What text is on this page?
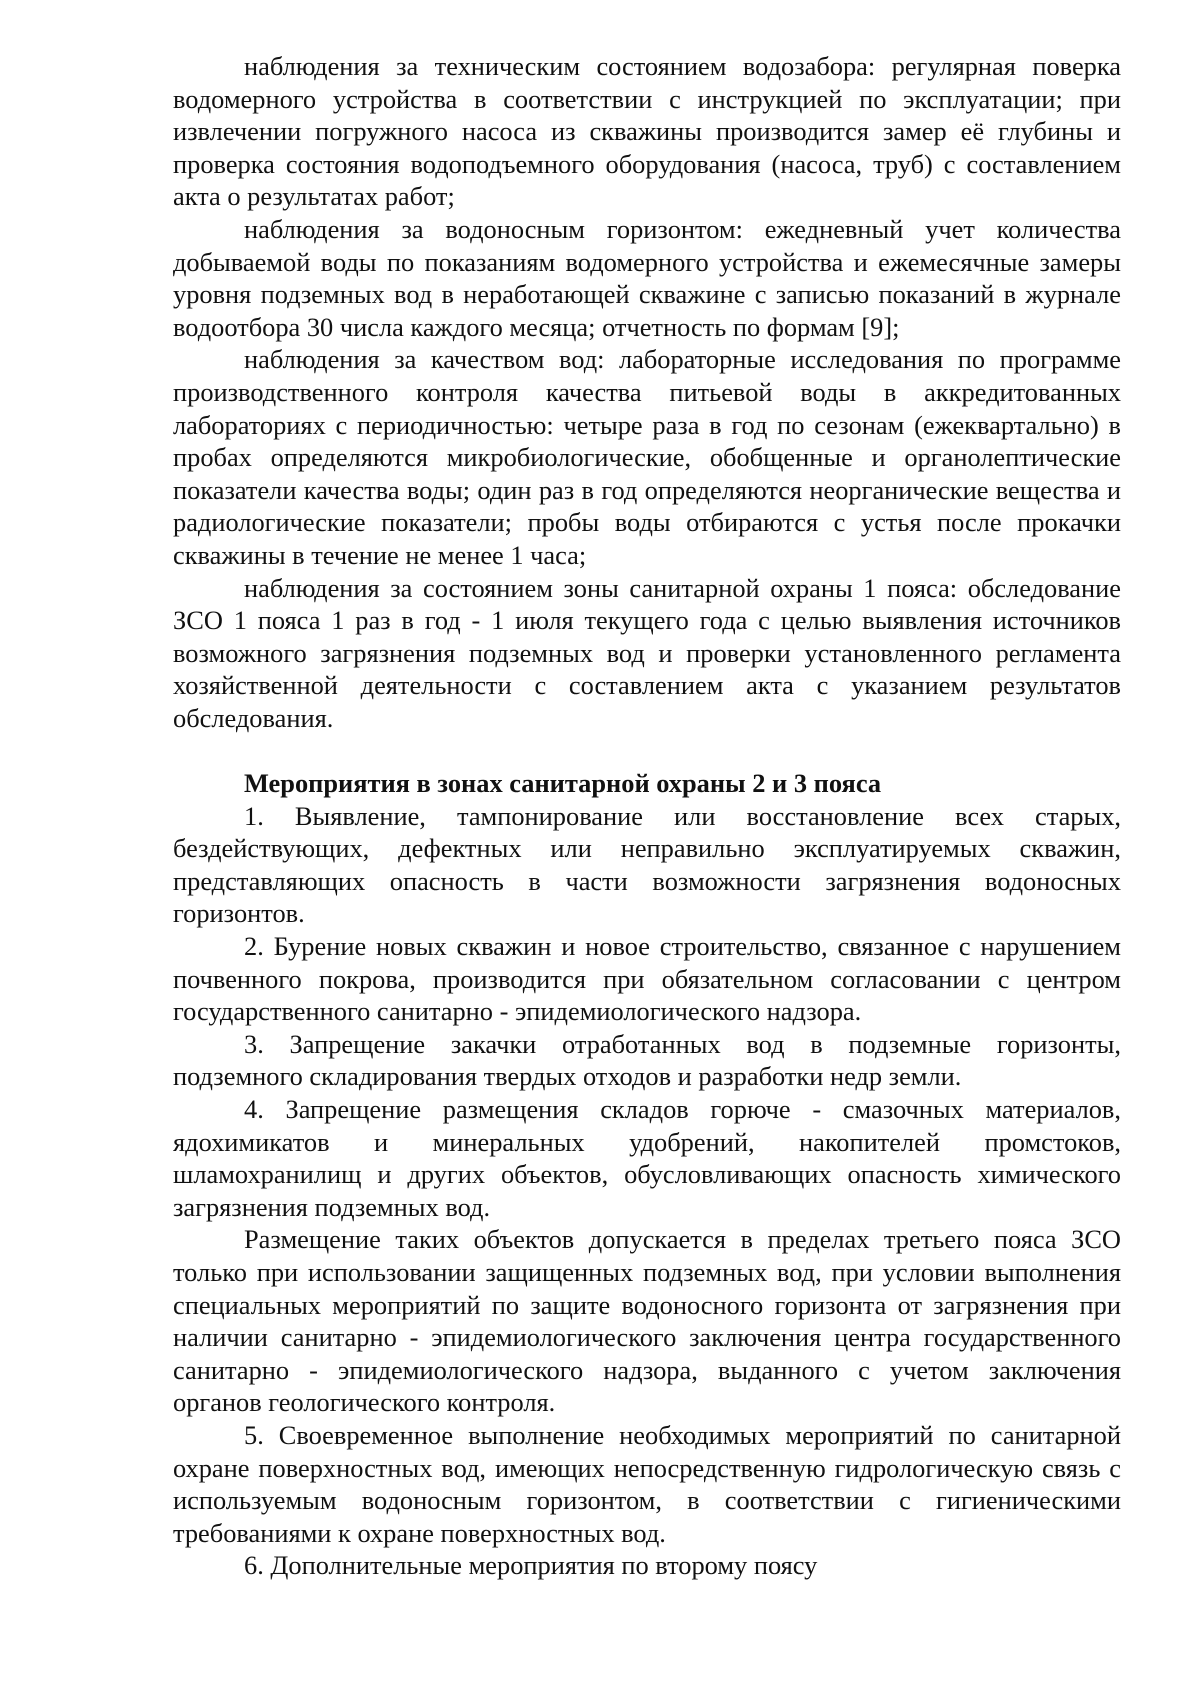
наблюдения за техническим состоянием водозабора: регулярная поверка водомерного устройства в соответствии с инструкцией по эксплуатации; при извлечении погружного насоса из скважины производится замер её глубины и проверка состояния водоподъемного оборудования (насоса, труб) с составлением акта о результатах работ;

наблюдения за водоносным горизонтом: ежедневный учет количества добываемой воды по показаниям водомерного устройства и ежемесячные замеры уровня подземных вод в неработающей скважине с записью показаний в журнале водоотбора 30 числа каждого месяца; отчетность по формам [9];

наблюдения за качеством вод: лабораторные исследования по программе производственного контроля качества питьевой воды в аккредитованных лабораториях с периодичностью: четыре раза в год по сезонам (ежеквартально) в пробах определяются микробиологические, обобщенные и органолептические показатели качества воды; один раз в год определяются неорганические вещества и радиологические показатели; пробы воды отбираются с устья после прокачки скважины в течение не менее 1 часа;

наблюдения за состоянием зоны санитарной охраны 1 пояса: обследование ЗСО 1 пояса 1 раз в год - 1 июля текущего года с целью выявления источников возможного загрязнения подземных вод и проверки установленного регламента хозяйственной деятельности с составлением акта с указанием результатов обследования.

Мероприятия в зонах санитарной охраны 2 и 3 пояса

1. Выявление, тампонирование или восстановление всех старых, бездействующих, дефектных или неправильно эксплуатируемых скважин, представляющих опасность в части возможности загрязнения водоносных горизонтов.

2. Бурение новых скважин и новое строительство, связанное с нарушением почвенного покрова, производится при обязательном согласовании с центром государственного санитарно - эпидемиологического надзора.

3. Запрещение закачки отработанных вод в подземные горизонты, подземного складирования твердых отходов и разработки недр земли.

4. Запрещение размещения складов горюче - смазочных материалов, ядохимикатов и минеральных удобрений, накопителей промстоков, шламохранилищ и других объектов, обусловливающих опасность химического загрязнения подземных вод.

Размещение таких объектов допускается в пределах третьего пояса ЗСО только при использовании защищенных подземных вод, при условии выполнения специальных мероприятий по защите водоносного горизонта от загрязнения при наличии санитарно - эпидемиологического заключения центра государственного санитарно - эпидемиологического надзора, выданного с учетом заключения органов геологического контроля.

5. Своевременное выполнение необходимых мероприятий по санитарной охране поверхностных вод, имеющих непосредственную гидрологическую связь с используемым водоносным горизонтом, в соответствии с гигиеническими требованиями к охране поверхностных вод.

6. Дополнительные мероприятия по второму поясу
